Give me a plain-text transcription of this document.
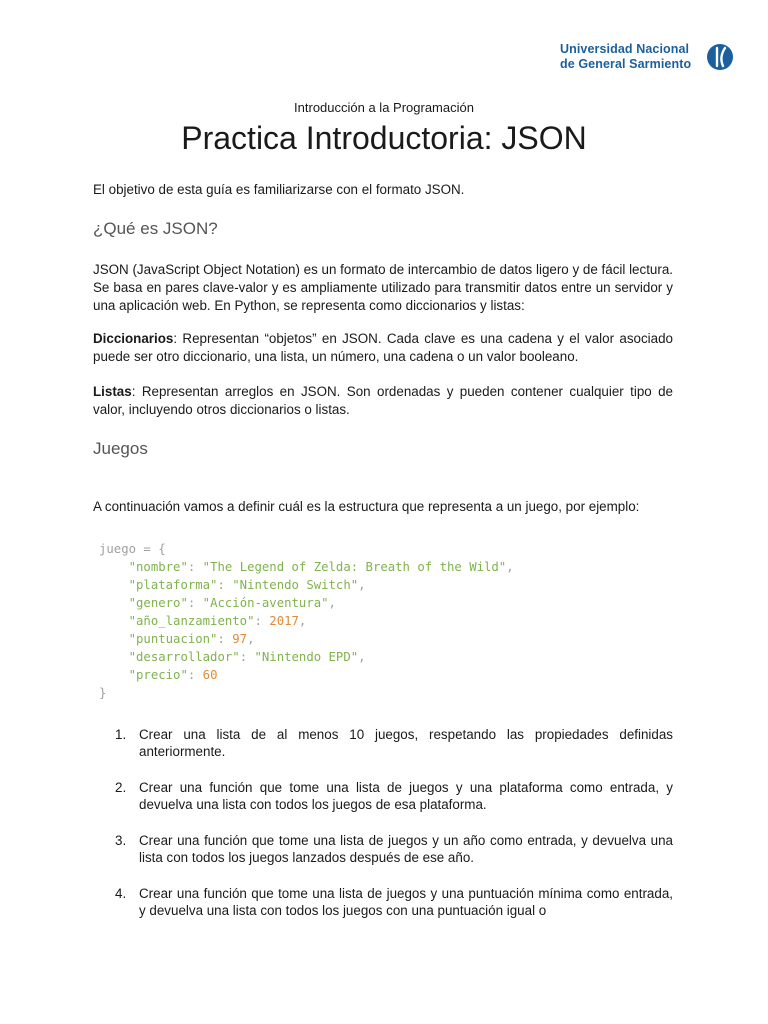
Universidad Nacional
de General Sarmiento
Introducción a la Programación
Practica Introductoria: JSON

El objetivo de esta guía es familiarizarse con el formato JSON.

¿Qué es JSON?

JSON (JavaScript Object Notation) es un formato de intercambio de datos ligero y de fácil lectura. Se basa en pares clave-valor y es ampliamente utilizado para transmitir datos entre un servidor y una aplicación web. En Python, se representa como diccionarios y listas:

Diccionarios: Representan “objetos” en JSON. Cada clave es una cadena y el valor asociado puede ser otro diccionario, una lista, un número, una cadena o un valor booleano.

Listas: Representan arreglos en JSON. Son ordenadas y pueden contener cualquier tipo de valor, incluyendo otros diccionarios o listas.

Juegos

A continuación vamos a definir cuál es la estructura que representa a un juego, por ejemplo:

juego = {
"nombre": "The Legend of Zelda: Breath of the Wild",
"plataforma": "Nintendo Switch",
"genero": "Acción-aventura",
"año_lanzamiento": 2017,
"puntuacion": 97,
"desarrollador": "Nintendo EPD",
"precio": 60
}
1. Crear una lista de al menos 10 juegos, respetando las propiedades definidas anteriormente.
2. Crear una función que tome una lista de juegos y una plataforma como entrada, y devuelva una lista con todos los juegos de esa plataforma.
3. Crear una función que tome una lista de juegos y un año como entrada, y devuelva una lista con todos los juegos lanzados después de ese año.
4. Crear una función que tome una lista de juegos y una puntuación mínima como entrada, y devuelva una lista con todos los juegos con una puntuación igual o
